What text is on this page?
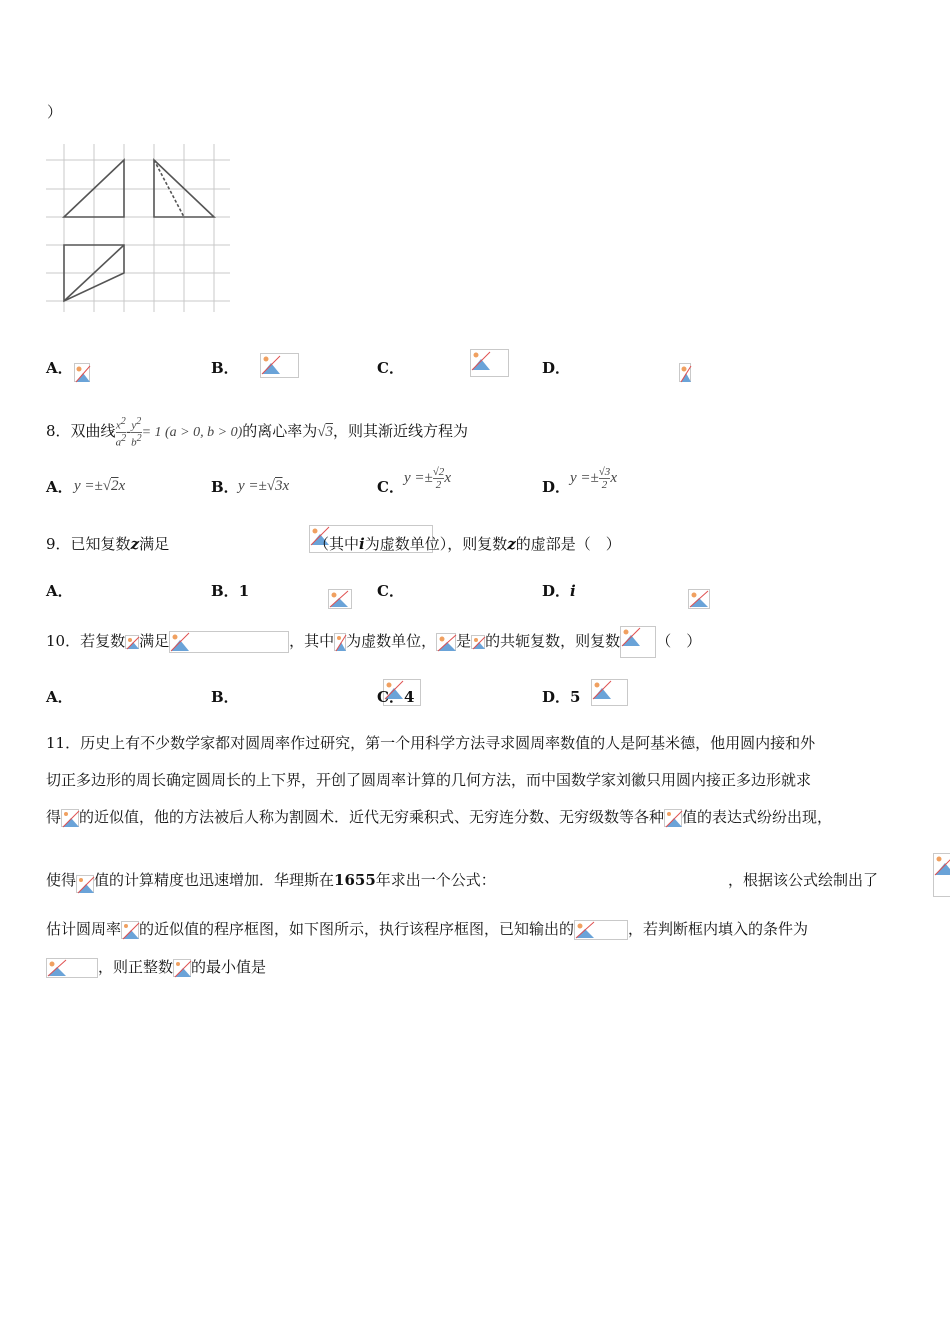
）
A．
	B．
	C．
	D．

8．双曲线 $\frac{x^2}{a^2} - \frac{y^2}{b^2} = 1$ (a > 0, b > 0)的离心率为√3，则其渐近线方程为
A． y =±√2x	B． y =±√3x	C．
$y =\pm \frac{√2}{2}$ x
D．
$y =\pm \frac{√3}{2}$ x
9．已知复数z满足
	（其中i为虚数单位），则复数z的虚部是（　）
A．
	B．1	C．
	D．i
10．若复数 满足	，其中 为虚数单位， 是 的共轭复数，则复数 （　）
A．
	B．
	C．4	D．5
11．历史上有不少数学家都对圆周率作过研究，第一个用科学方法寻求圆周率数值的人是阿基米德，他用圆内接和外
切正多边形的周长确定圆周长的上下界，开创了圆周率计算的几何方法，而中国数学家刘徽只用圆内接正多边形就求
得 的近似值，他的方法被后人称为割圆术．近代无穷乘积式、无穷连分数、无穷级数等各种 值的表达式纷纷出现，
使得 值的计算精度也迅速增加．华理斯在1655年求出一个公式：	，根据该公式绘制出了
估计圆周率 的近似值的程序框图，如下图所示，执行该程序框图，已知输出的	，若判断框内填入的条件为
，则正整数 的最小值是
